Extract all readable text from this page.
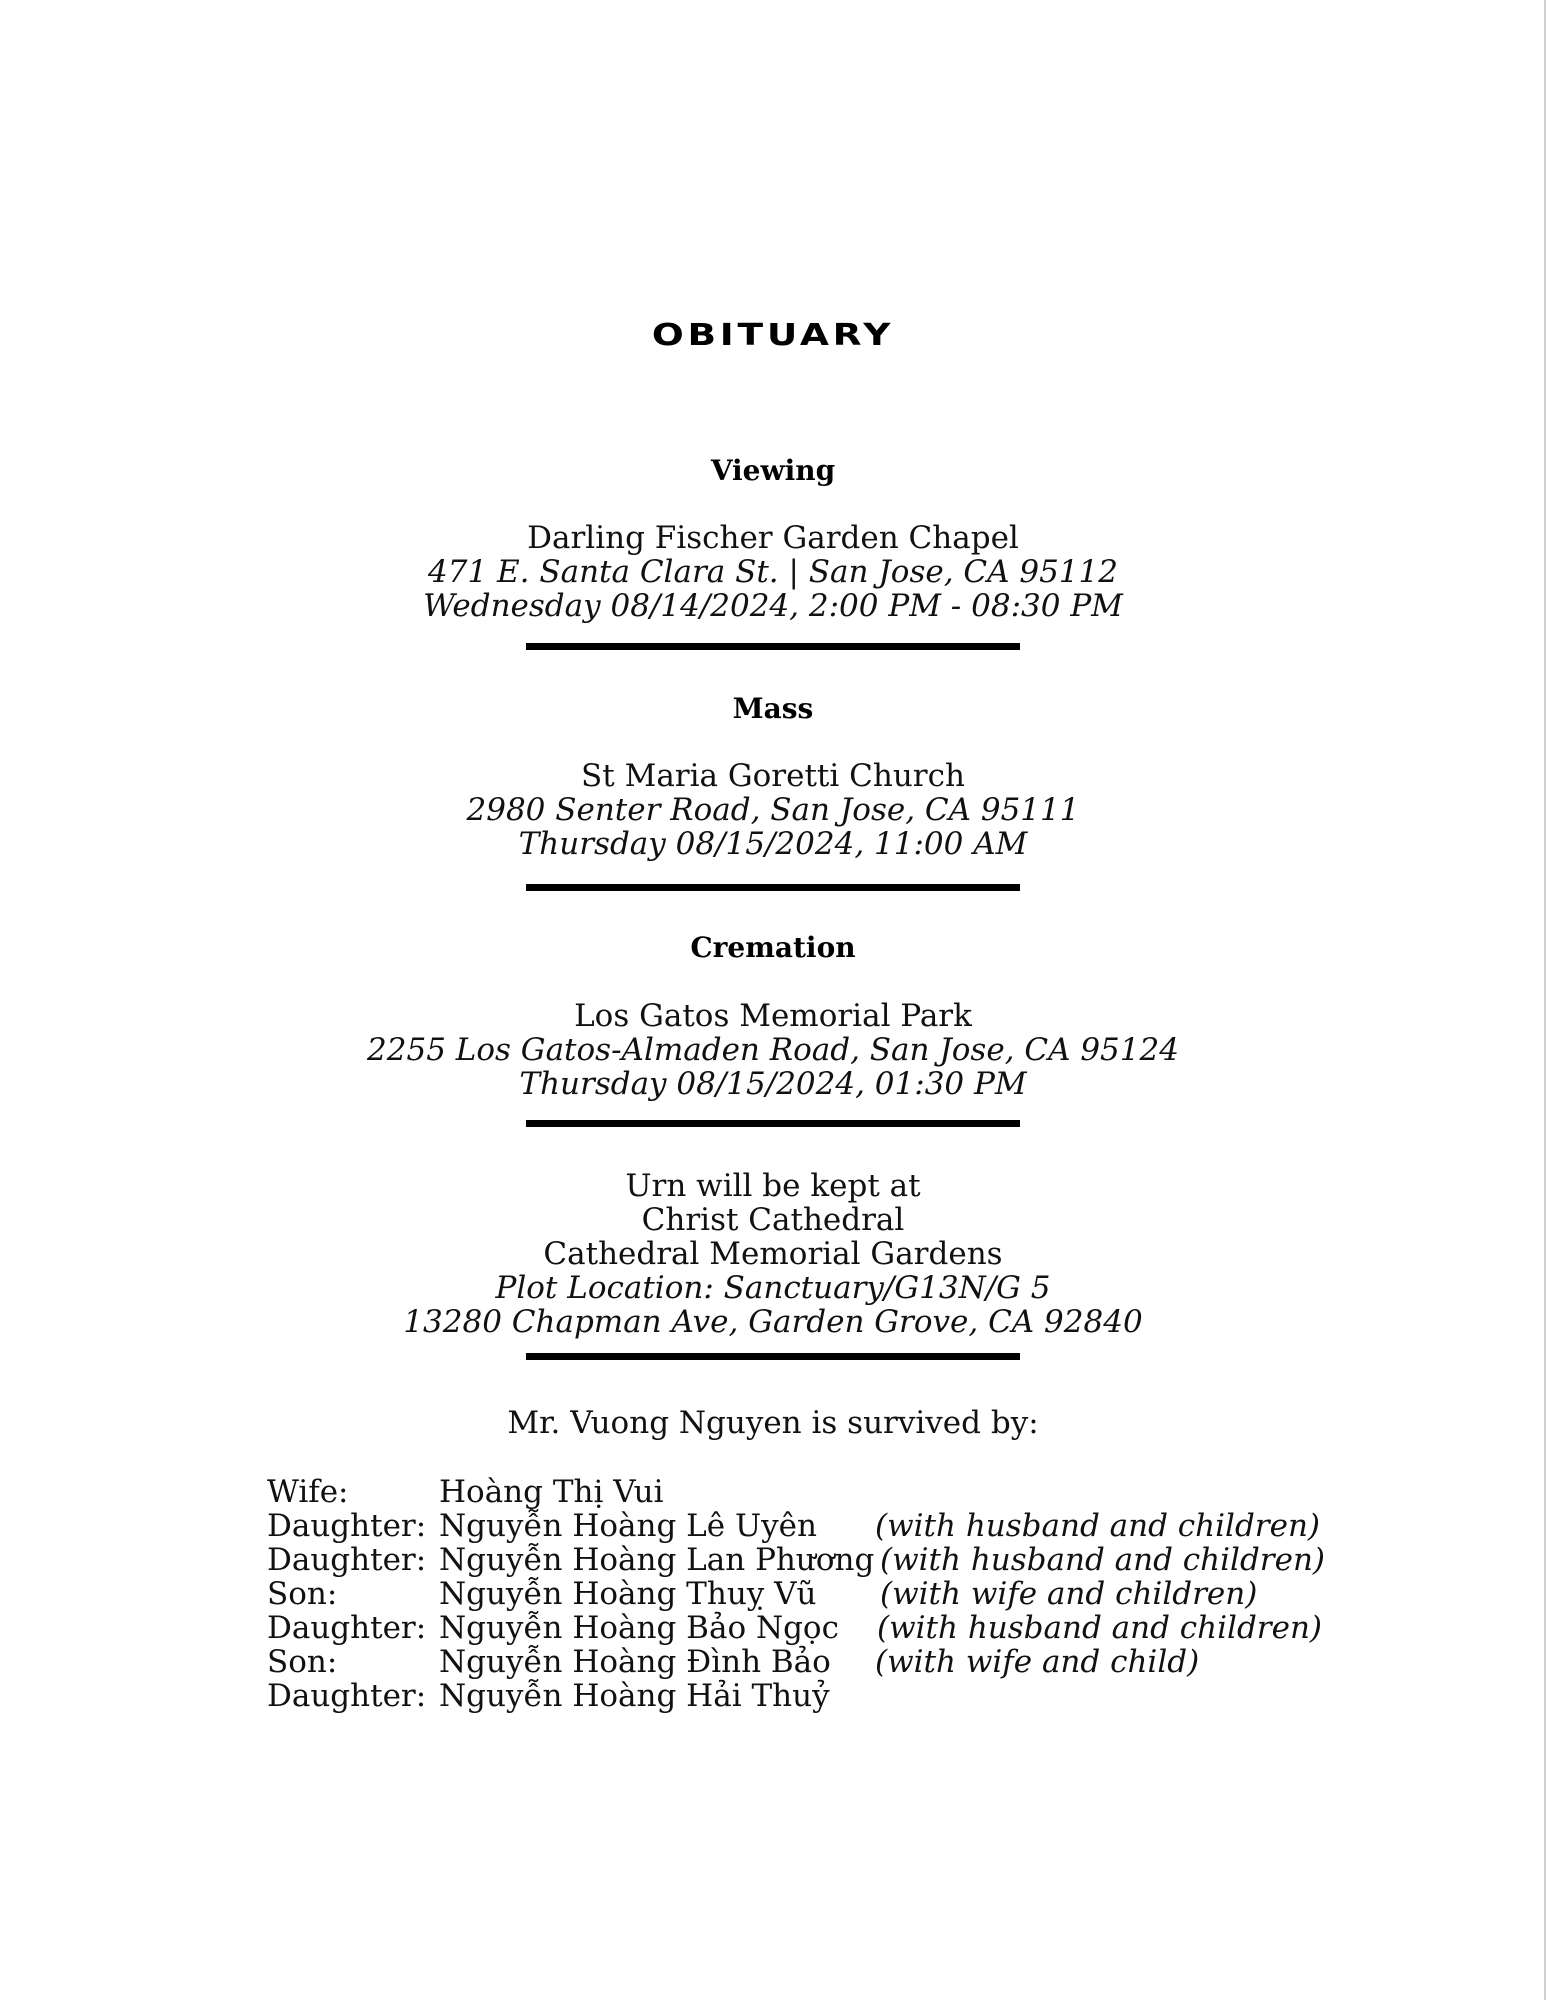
OBITUARY
Viewing
Darling Fischer Garden Chapel
471 E. Santa Clara St. | San Jose, CA 95112
Wednesday 08/14/2024, 2:00 PM - 08:30 PM
Mass
St Maria Goretti Church
2980 Senter Road, San Jose, CA 95111
Thursday 08/15/2024, 11:00 AM
Cremation
Los Gatos Memorial Park
2255 Los Gatos-Almaden Road, San Jose, CA 95124
Thursday 08/15/2024, 01:30 PM
Urn will be kept at
Christ Cathedral
Cathedral Memorial Gardens
Plot Location: Sanctuary/G13N/G 5
13280 Chapman Ave, Garden Grove, CA 92840
Mr. Vuong Nguyen is survived by:
Wife:	Hoàng Thị Vui
Daughter: Nguyễn Hoàng Lê Uyên (with husband and children)
Daughter: Nguyễn Hoàng Lan Phương (with husband and children)
Son:	Nguyễn Hoàng Thuỵ Vũ (with wife and children)
Daughter: Nguyễn Hoàng Bảo Ngọc (with husband and children)
Son:	Nguyễn Hoàng Đình Bảo (with wife and child)
Daughter: Nguyễn Hoàng Hải Thuỷ
